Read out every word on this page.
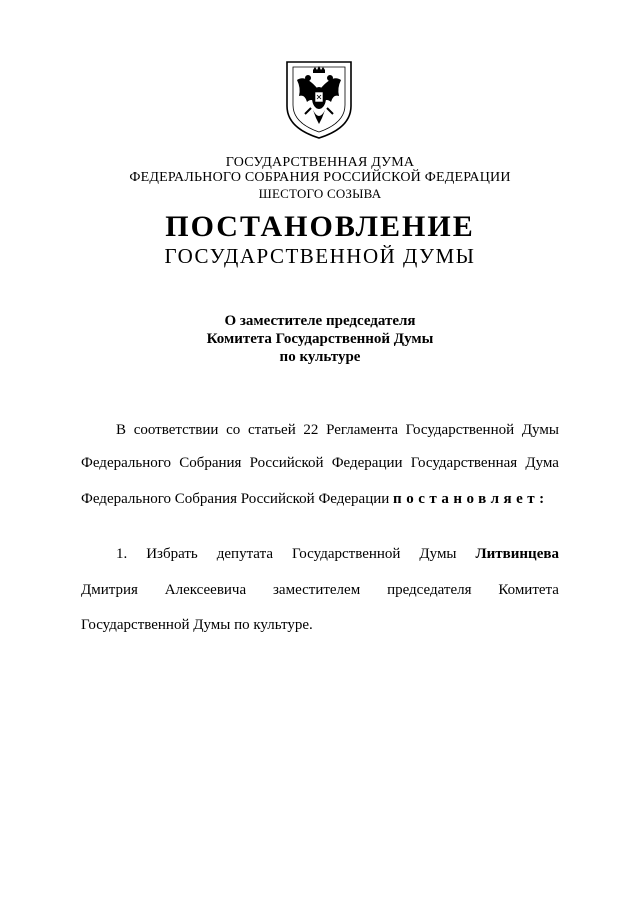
ГОСУДАРСТВЕННАЯ ДУМА
ФЕДЕРАЛЬНОГО СОБРАНИЯ РОССИЙСКОЙ ФЕДЕРАЦИИ
ШЕСТОГО СОЗЫВА
ПОСТАНОВЛЕНИЕ
ГОСУДАРСТВЕННОЙ ДУМЫ
О заместителе председателя
Комитета Государственной Думы
по культуре
В соответствии со статьей 22 Регламента Государственной Думы
Федерального Собрания Российской Федерации Государственная Дума
Федерального Собрания Российской Федерации постановляет:
1. Избрать депутата Государственной Думы Литвинцева
Дмитрия Алексеевича заместителем председателя Комитета
Государственной Думы по культуре.
